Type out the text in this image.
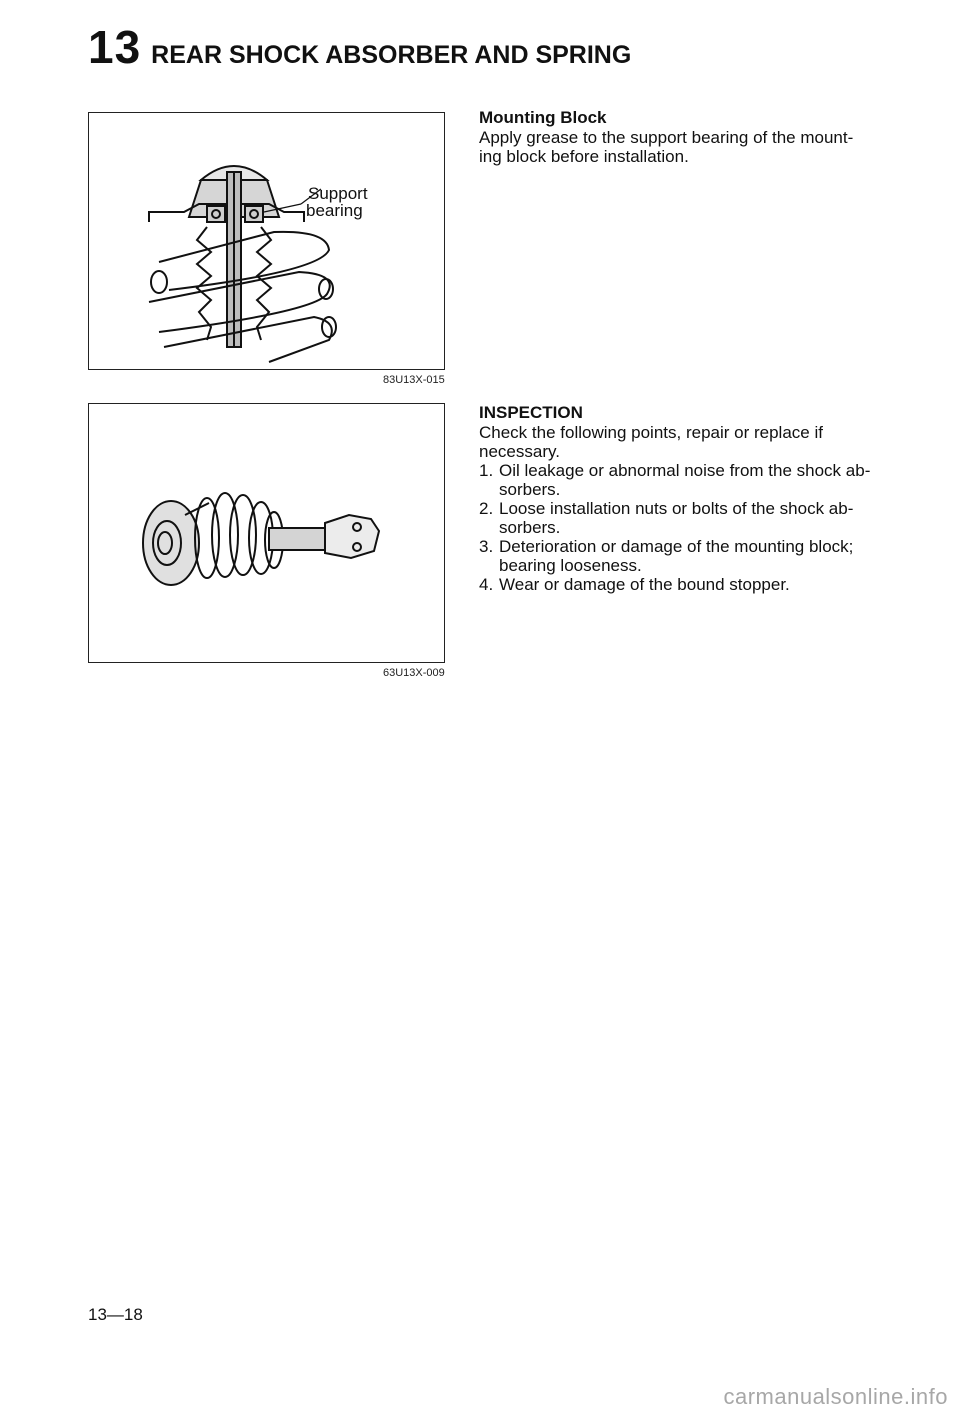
13 REAR SHOCK ABSORBER AND SPRING
Support
bearing
83U13X-015
63U13X-009

Mounting Block

Apply grease to the support bearing of the mount-
ing block before installation.

INSPECTION

Check the following points, repair or replace if
necessary.

1. Oil leakage or abnormal noise from the shock ab-
sorbers.
2. Loose installation nuts or bolts of the shock ab-
sorbers.
3. Deterioration or damage of the mounting block;
bearing looseness.
4. Wear or damage of the bound stopper.
13—18
carmanualsonline.info
